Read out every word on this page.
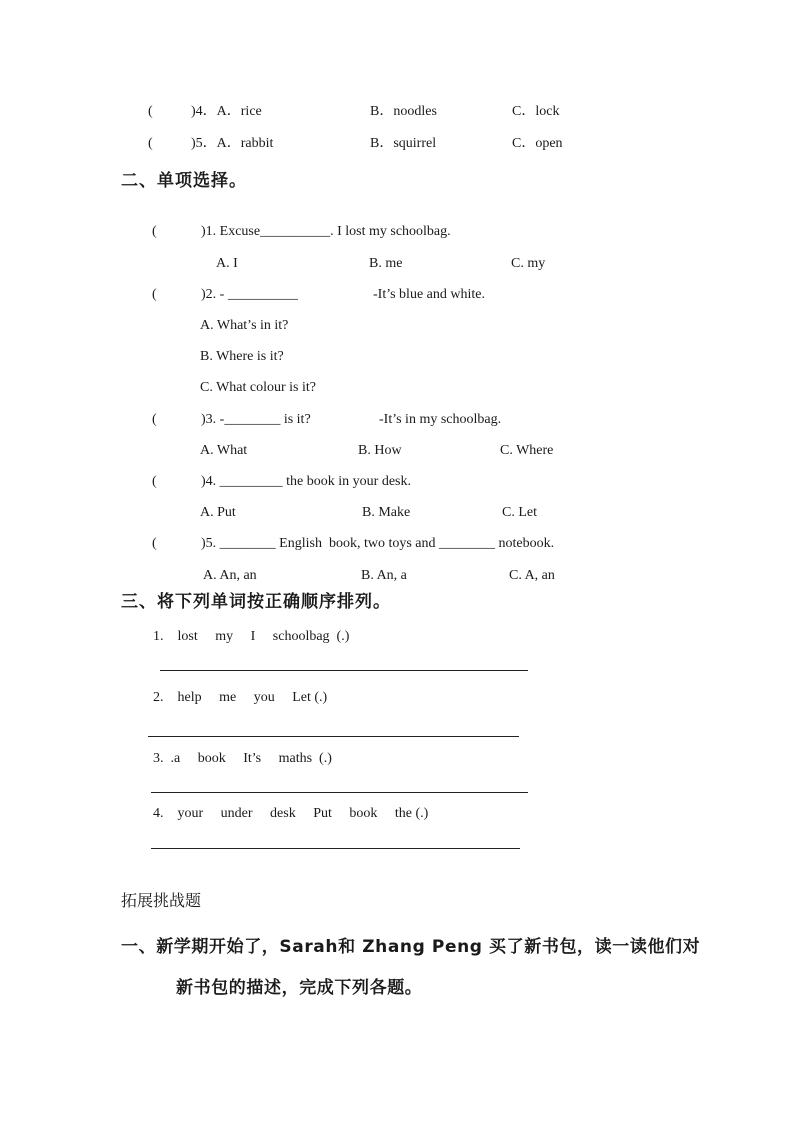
(	)4．A．rice	B．noodles	C．lock
(	)5．A．rabbit	B．squirrel	C．open
二、单项选择。
(	)1. Excuse__________. I lost my schoolbag.
A. I	B. me	C. my
(	)2. - __________	-It’s blue and white.
A. What’s in it?
B. Where is it?
C. What colour is it?
(	)3. -________ is it?	-It’s in my schoolbag.
A. What	B. How	C. Where
(	)4. _________ the book in your desk.
A. Put	B. Make	C. Let
(	)5. ________ English  book, two toys and ________ notebook.
A. An, an	B. An, a	C. A, an
三、将下列单词按正确顺序排列。
1.    lost     my     I     schoolbag  (.)
2.    help     me     you     Let (.)
3.  .a     book     It’s     maths  (.)
4.    your     under     desk     Put     book     the (.)
拓展挑战题
一、新学期开始了，Sarah和 Zhang Peng 买了新书包，读一读他们对
新书包的描述，完成下列各题。
